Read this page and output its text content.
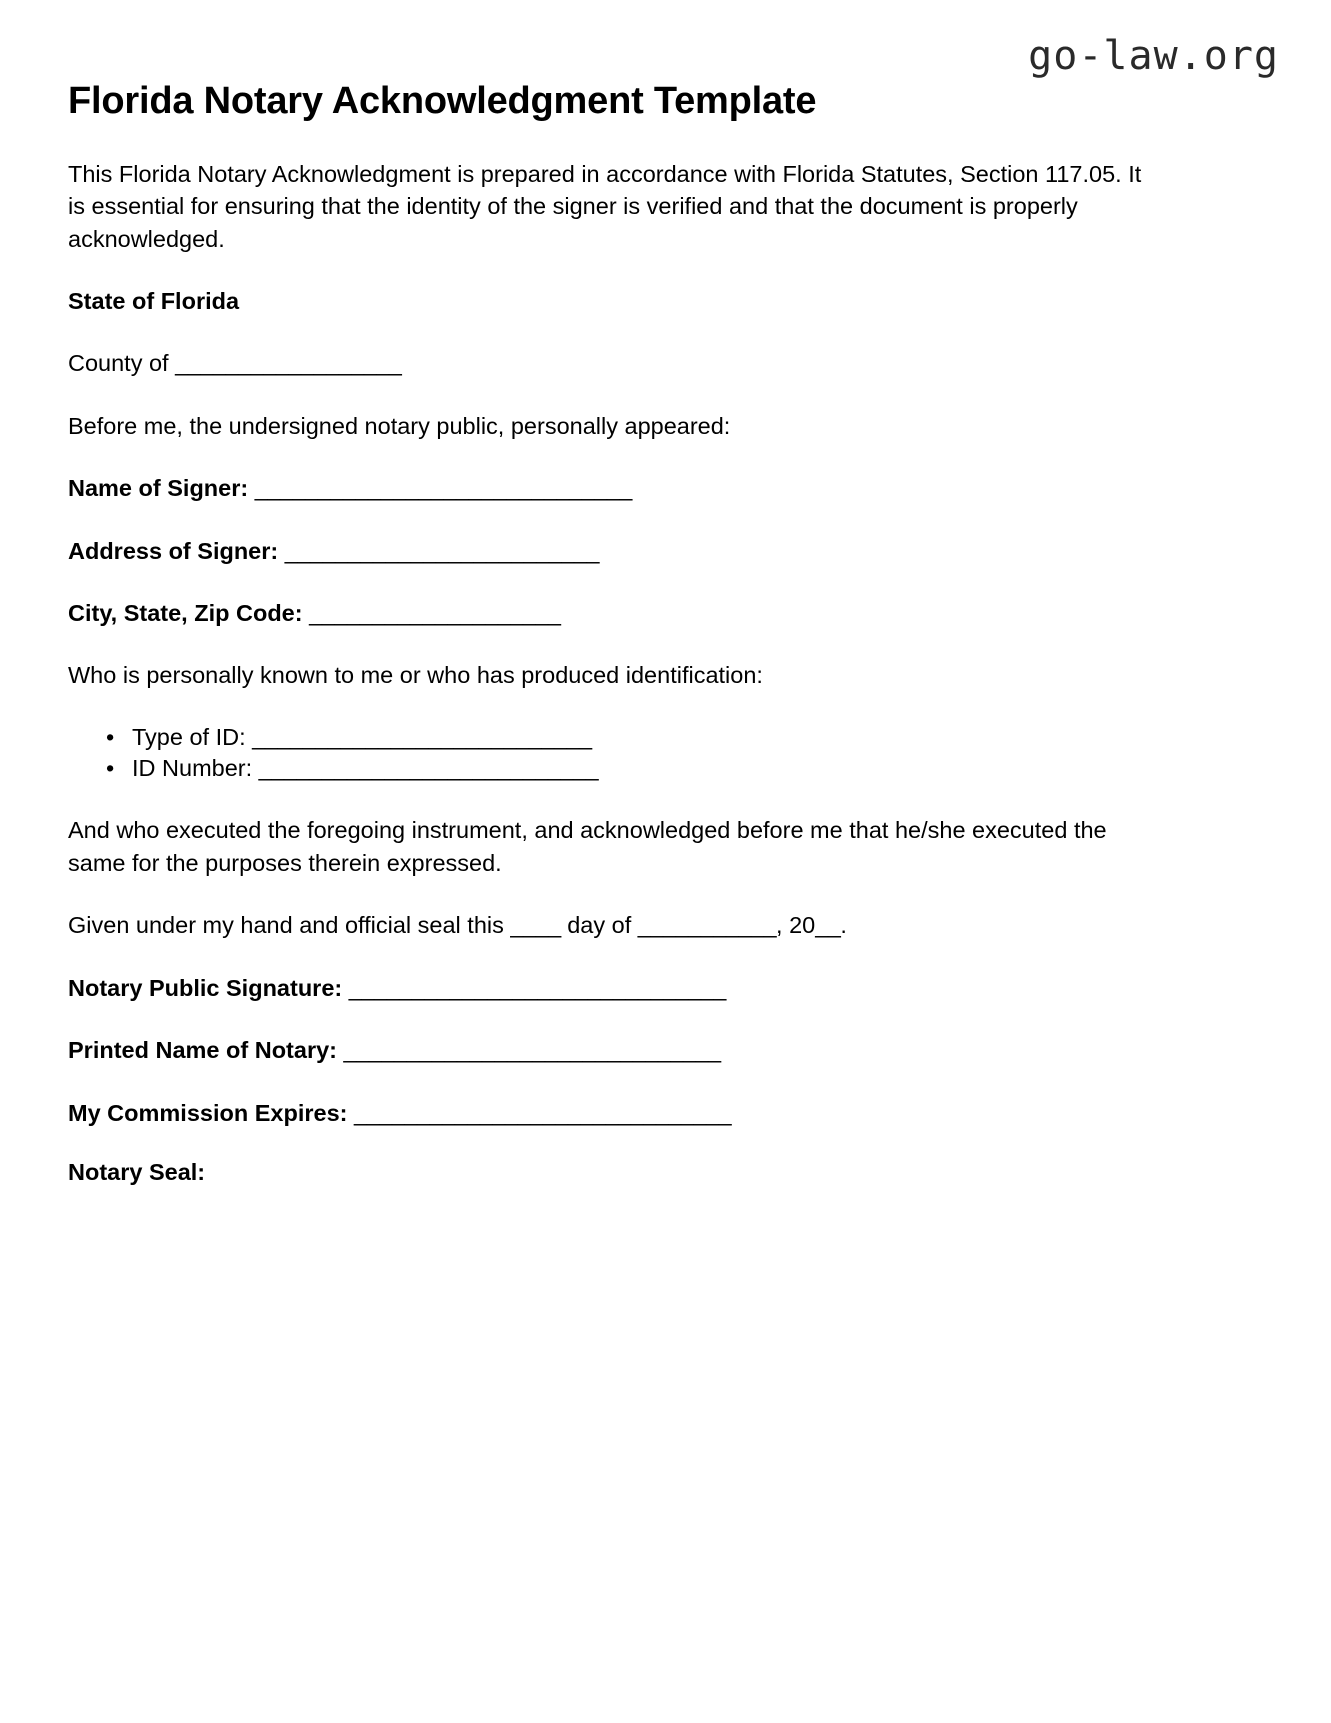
go-law.org
Florida Notary Acknowledgment Template

This Florida Notary Acknowledgment is prepared in accordance with Florida Statutes, Section 117.05. It is essential for ensuring that the identity of the signer is verified and that the document is properly acknowledged.

State of Florida
County of __________________

Before me, the undersigned notary public, personally appeared:

Name of Signer: ______________________________
Address of Signer: _________________________
City, State, Zip Code: ____________________

Who is personally known to me or who has produced identification:

• Type of ID: ___________________________
• ID Number: ___________________________

And who executed the foregoing instrument, and acknowledged before me that he/she executed the same for the purposes therein expressed.

Given under my hand and official seal this ____ day of ___________, 20__.
Notary Public Signature: ______________________________
Printed Name of Notary: ______________________________
My Commission Expires: ______________________________
Notary Seal:
